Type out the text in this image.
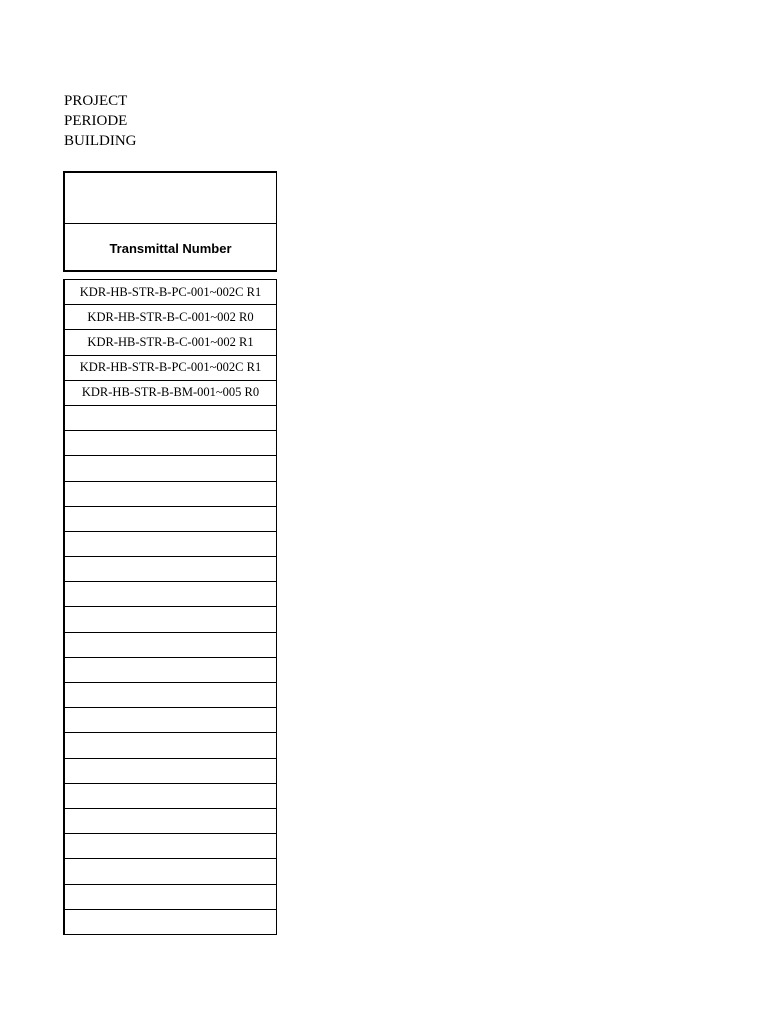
PROJECT
PERIODE
BUILDING
Transmittal Number
KDR-HB-STR-B-PC-001~002C R1
KDR-HB-STR-B-C-001~002 R0
KDR-HB-STR-B-C-001~002 R1
KDR-HB-STR-B-PC-001~002C R1
KDR-HB-STR-B-BM-001~005 R0
